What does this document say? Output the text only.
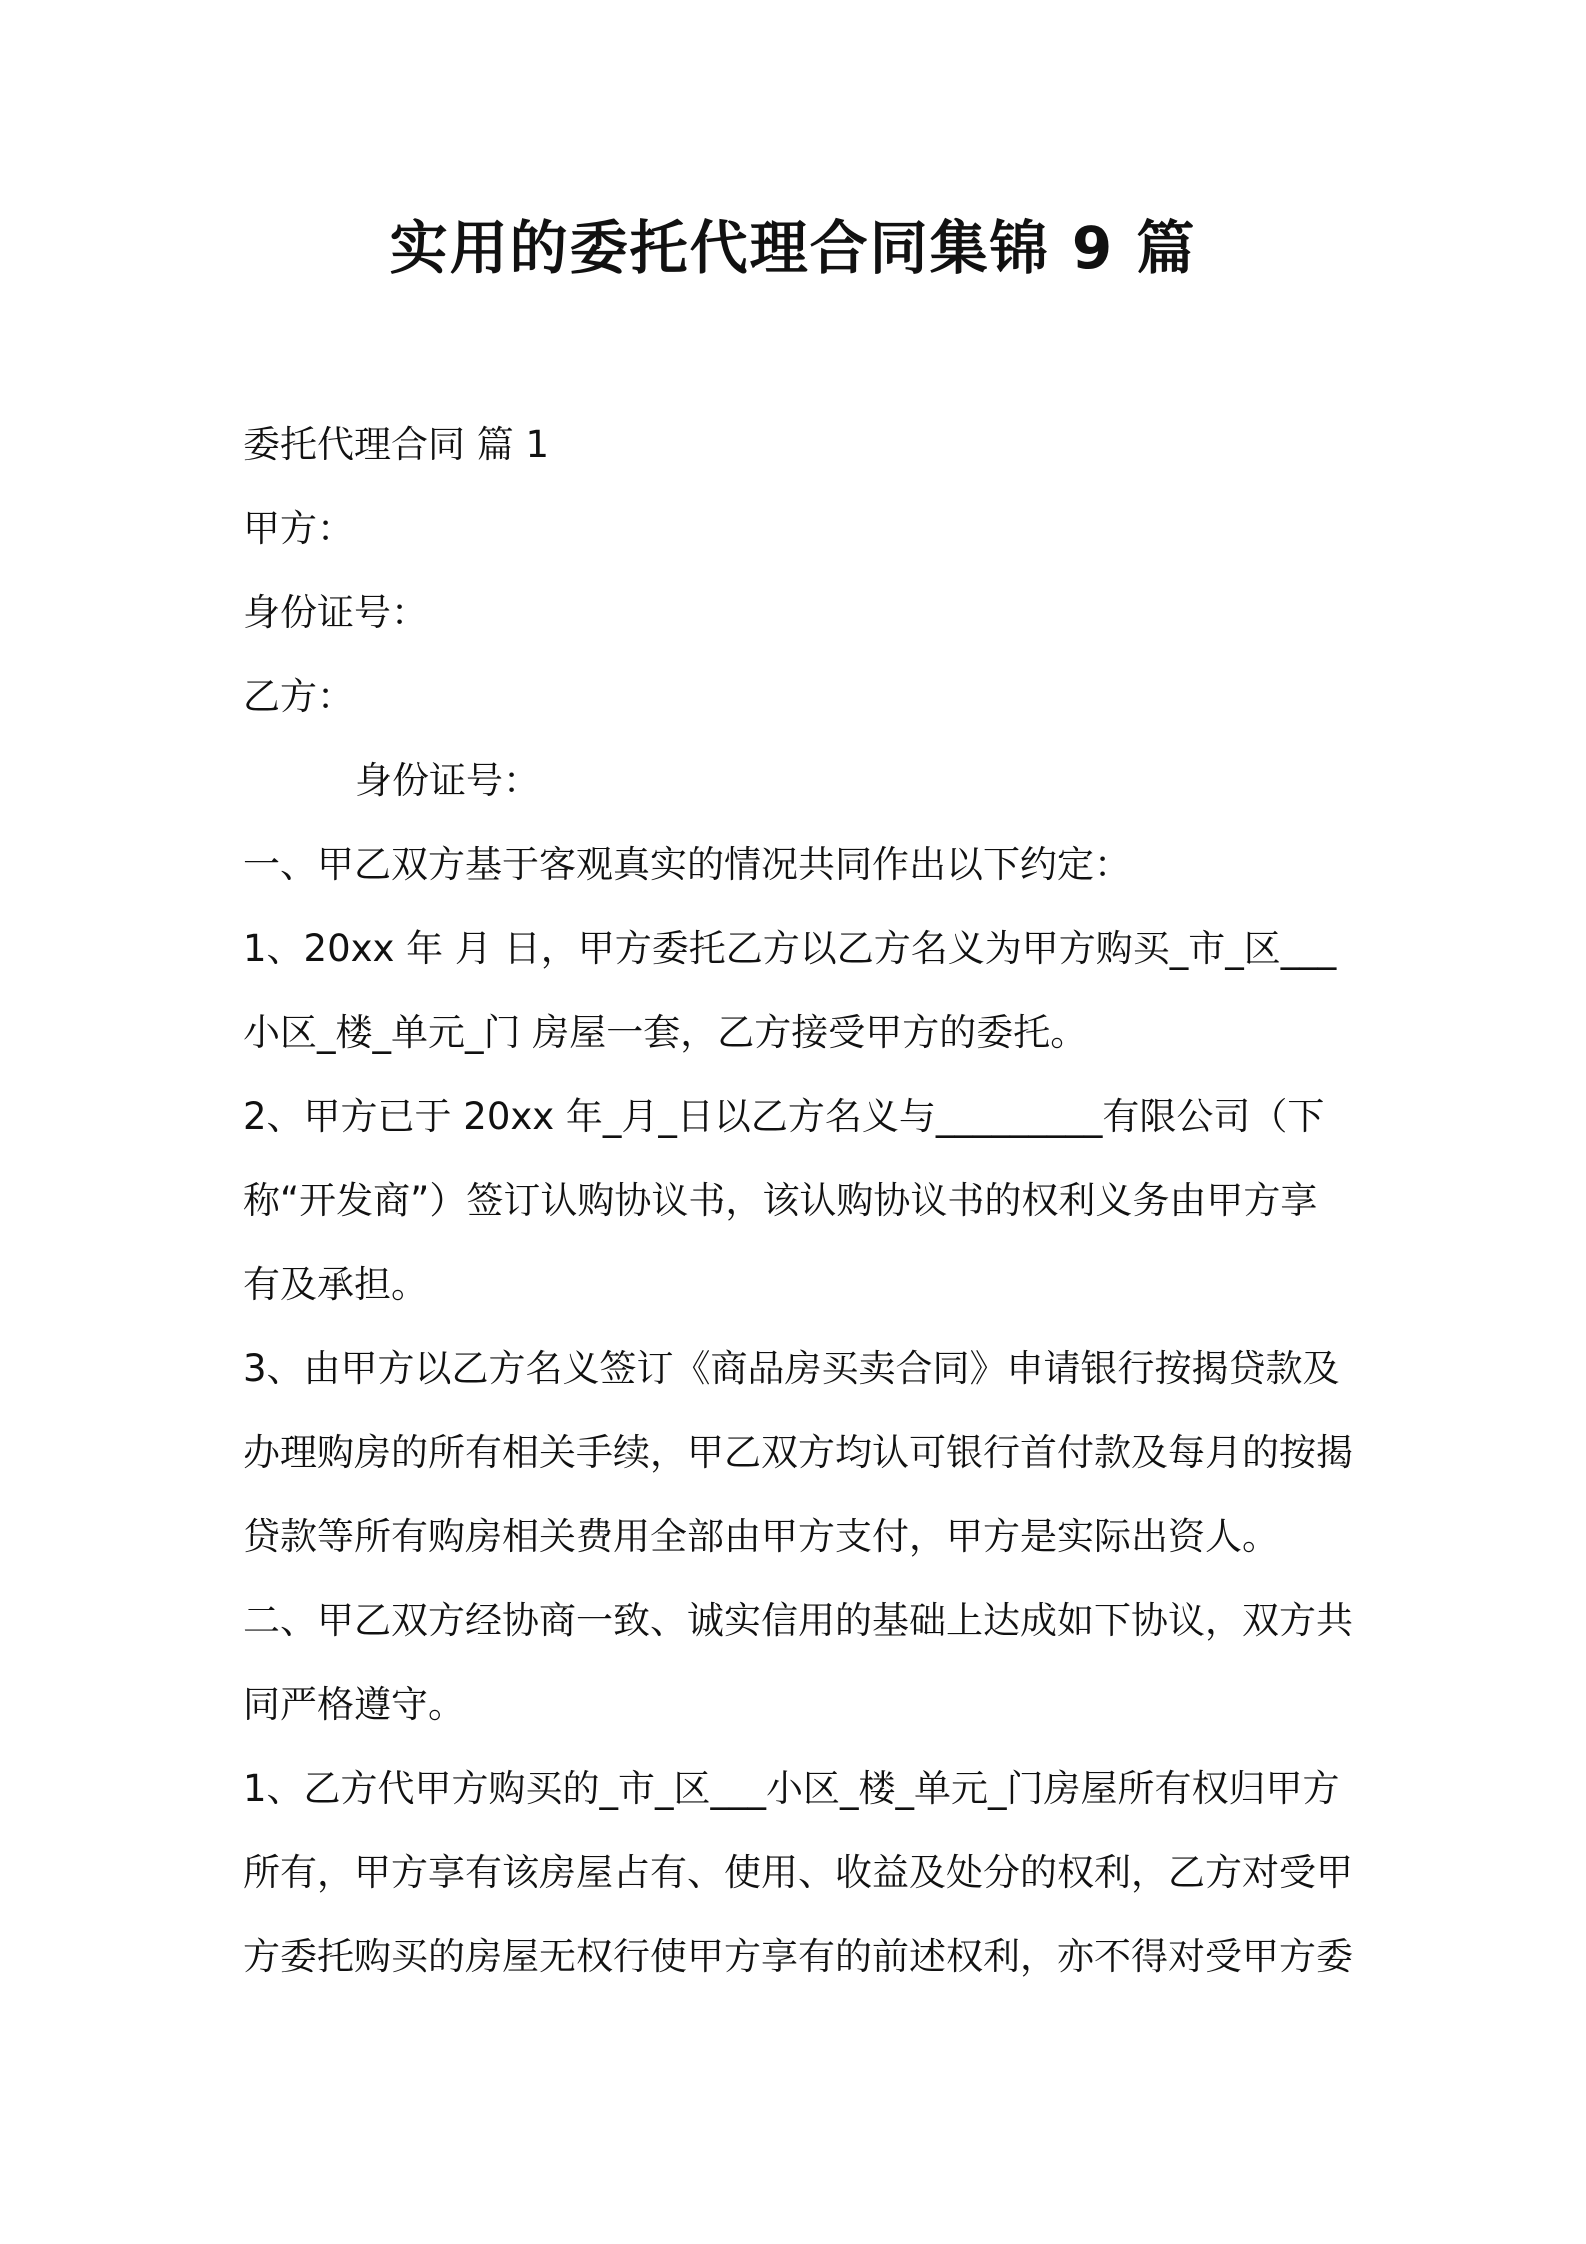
实用的委托代理合同集锦 9 篇
委托代理合同 篇 1
甲方：
身份证号：
乙方：
身份证号：
一、甲乙双方基于客观真实的情况共同作出以下约定：
1、20xx 年 月 日，甲方委托乙方以乙方名义为甲方购买_市_区___
小区_楼_单元_门 房屋一套，乙方接受甲方的委托。
2、甲方已于 20xx 年_月_日以乙方名义与_________有限公司（下
称“开发商”）签订认购协议书，该认购协议书的权利义务由甲方享
有及承担。
3、由甲方以乙方名义签订《商品房买卖合同》申请银行按揭贷款及
办理购房的所有相关手续，甲乙双方均认可银行首付款及每月的按揭
贷款等所有购房相关费用全部由甲方支付，甲方是实际出资人。
二、甲乙双方经协商一致、诚实信用的基础上达成如下协议，双方共
同严格遵守。
1、乙方代甲方购买的_市_区___小区_楼_单元_门房屋所有权归甲方
所有，甲方享有该房屋占有、使用、收益及处分的权利，乙方对受甲
方委托购买的房屋无权行使甲方享有的前述权利，亦不得对受甲方委
